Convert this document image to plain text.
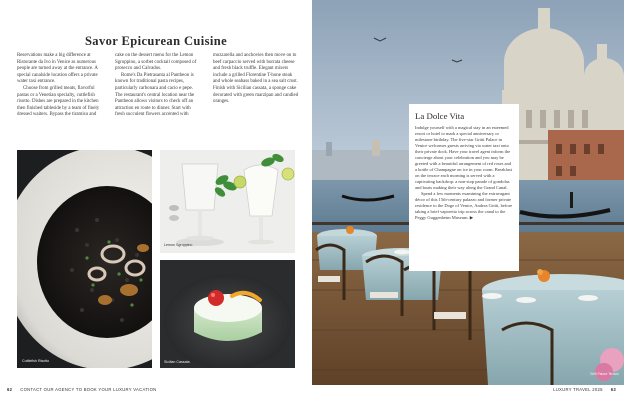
Savor Epicurean Cuisine

Reservations make a big difference at Ristorante da Ivo in Venice as numerous people are turned away at the entrance. A special canalside location offers a private water taxi entrance.

Choose from grilled meats, flavorful pastas or a Venetian specialty, cuttlefish risotto. Dishes are prepared in the kitchen then finished tableside by a team of finely dressed waiters. Bypass the tiramisu and

cake on the dessert menu for the Lemon Sgroppino, a sorbet cocktail composed of prosecco and Calvados.

Rome's Da Pietrasanta al Pantheon is known for traditional pasta recipes, particularly carbonara and cacio e pepe. The restaurant's central location near the Pantheon allows visitors to check off an attraction en route to dinner. Start with fresh succulent flowers accented with

mozzarella and anchovies then move on to beef carpaccio served with burrata cheese and fresh black truffle. Elegant mixers include a grilled Florentine T-bone steak and whole seabass baked in a sea salt crust. Finish with Sicilian cassata, a sponge cake decorated with green marzipan and candied oranges.

Cuttlefish Risotto
Lemon Sgroppino
Sicilian Cassata
62 CONTACT OUR AGENCY TO BOOK YOUR LUXURY VACATION
Gritti Palace Terrace
La Dolce Vita

Indulge yourself with a magical stay in an esteemed resort or hotel to mark a special anniversary or milestone birthday. The five-star Gritti Palace in Venice welcomes guests arriving via water taxi onto their private dock. Have your travel agent inform the concierge about your celebration and you may be greeted with a beautiful arrangement of red roses and a bottle of Champagne on ice in your room. Breakfast on the terrace each morning is served with a captivating backdrop: a non-stop parade of gondolas and boats making their way along the Grand Canal.

Spend a few moments examining the extravagant décor of this 15th-century palazzo and former private residence to the Doge of Venice, Andrea Gritti, before taking a brief vaporetto trip across the canal to the Peggy Guggenheim Museum. ▶

LUXURY TRAVEL 2025 63
